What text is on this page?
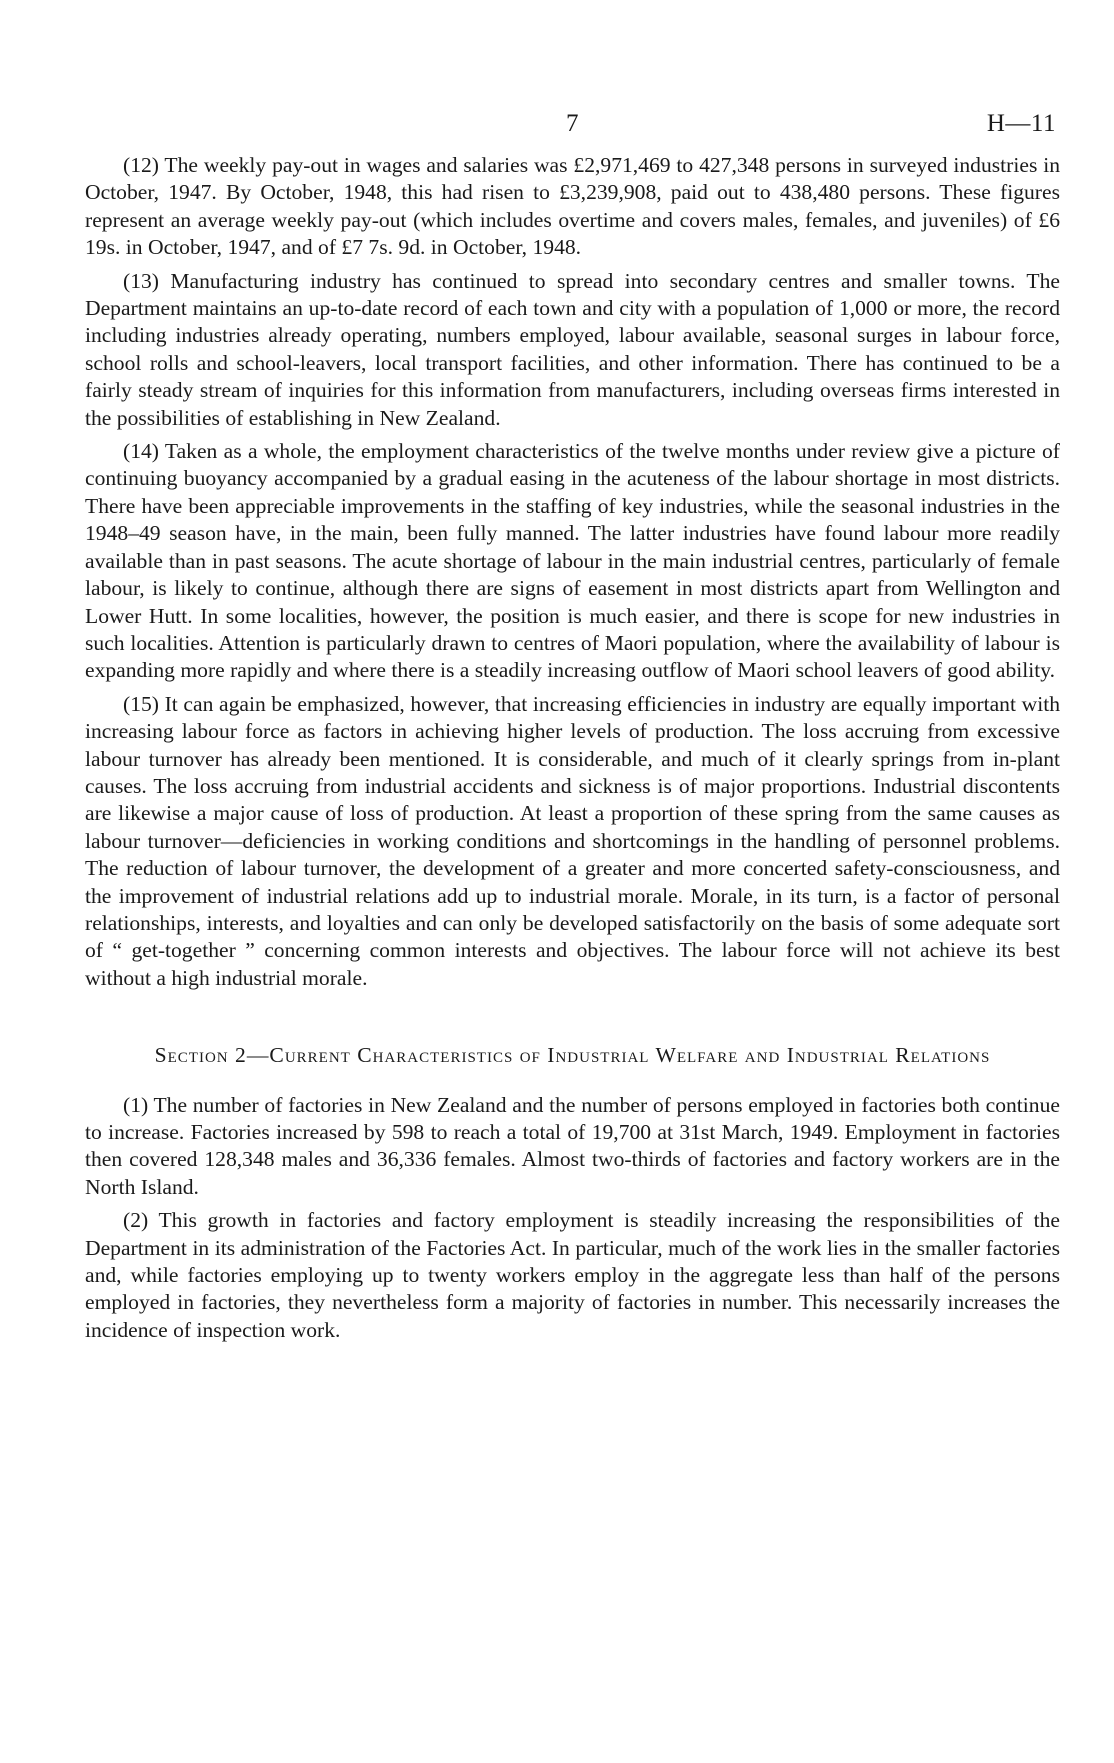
7	H—11

(12) The weekly pay-out in wages and salaries was £2,971,469 to 427,348 persons in surveyed industries in October, 1947. By October, 1948, this had risen to £3,239,908, paid out to 438,480 persons. These figures represent an average weekly pay-out (which includes overtime and covers males, females, and juveniles) of £6 19s. in October, 1947, and of £7 7s. 9d. in October, 1948.

(13) Manufacturing industry has continued to spread into secondary centres and smaller towns. The Department maintains an up-to-date record of each town and city with a population of 1,000 or more, the record including industries already operating, numbers employed, labour available, seasonal surges in labour force, school rolls and school-leavers, local transport facilities, and other information. There has continued to be a fairly steady stream of inquiries for this information from manufacturers, including overseas firms interested in the possibilities of establishing in New Zealand.

(14) Taken as a whole, the employment characteristics of the twelve months under review give a picture of continuing buoyancy accompanied by a gradual easing in the acuteness of the labour shortage in most districts. There have been appreciable improvements in the staffing of key industries, while the seasonal industries in the 1948–49 season have, in the main, been fully manned. The latter industries have found labour more readily available than in past seasons. The acute shortage of labour in the main industrial centres, particularly of female labour, is likely to continue, although there are signs of easement in most districts apart from Wellington and Lower Hutt. In some localities, however, the position is much easier, and there is scope for new industries in such localities. Attention is particularly drawn to centres of Maori population, where the availability of labour is expanding more rapidly and where there is a steadily increasing outflow of Maori school leavers of good ability.

(15) It can again be emphasized, however, that increasing efficiencies in industry are equally important with increasing labour force as factors in achieving higher levels of production. The loss accruing from excessive labour turnover has already been mentioned. It is considerable, and much of it clearly springs from in-plant causes. The loss accruing from industrial accidents and sickness is of major proportions. Industrial discontents are likewise a major cause of loss of production. At least a proportion of these spring from the same causes as labour turnover—deficiencies in working conditions and shortcomings in the handling of personnel problems. The reduction of labour turnover, the development of a greater and more concerted safety-consciousness, and the improvement of industrial relations add up to industrial morale. Morale, in its turn, is a factor of personal relationships, interests, and loyalties and can only be developed satisfactorily on the basis of some adequate sort of “ get-together ” concerning common interests and objectives. The labour force will not achieve its best without a high industrial morale.

Section 2—Current Characteristics of Industrial Welfare and Industrial Relations

(1) The number of factories in New Zealand and the number of persons employed in factories both continue to increase. Factories increased by 598 to reach a total of 19,700 at 31st March, 1949. Employment in factories then covered 128,348 males and 36,336 females. Almost two-thirds of factories and factory workers are in the North Island.

(2) This growth in factories and factory employment is steadily increasing the responsibilities of the Department in its administration of the Factories Act. In particular, much of the work lies in the smaller factories and, while factories employing up to twenty workers employ in the aggregate less than half of the persons employed in factories, they nevertheless form a majority of factories in number. This necessarily increases the incidence of inspection work.
